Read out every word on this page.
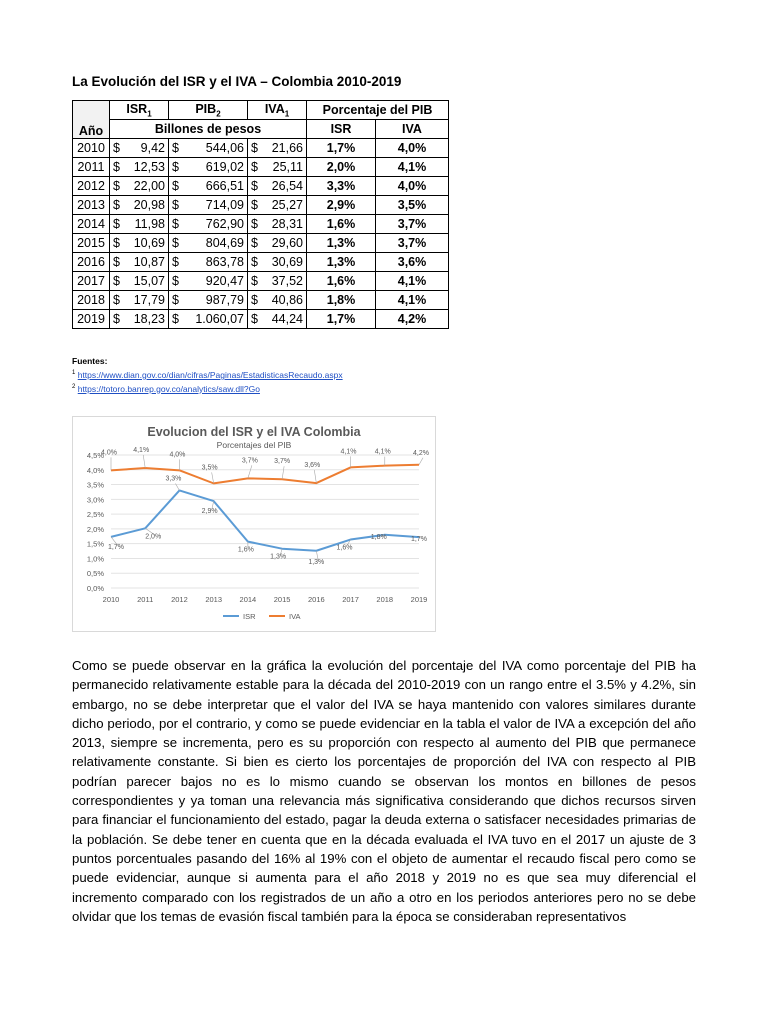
La Evolución del ISR y el IVA – Colombia 2010-2019
Año	$ISR_1$	$PIB_2$	$IVA_1$	Porcentaje del PIB	
	Billones de pesos			ISR	IVA
2010	$ 9,42	$ 544,06	$ 21,66	1,7%	4,0%
2011	$ 12,53	$ 619,02	$ 25,11	2,0%	4,1%
2012	$ 22,00	$ 666,51	$ 26,54	3,3%	4,0%
2013	$ 20,98	$ 714,09	$ 25,27	2,9%	3,5%
2014	$ 11,98	$ 762,90	$ 28,31	1,6%	3,7%
2015	$ 10,69	$ 804,69	$ 29,60	1,3%	3,7%
2016	$ 10,87	$ 863,78	$ 30,69	1,3%	3,6%
2017	$ 15,07	$ 920,47	$ 37,52	1,6%	4,1%
2018	$ 17,79	$ 987,79	$ 40,86	1,8%	4,1%
2019	$ 18,23	$ 1.060,07	$ 44,24	1,7%	4,2%
Fuentes:
$^1$ https://www.dian.gov.co/dian/cifras/Paginas/EstadisticasRecaudo.aspx
$^2$ https://totoro.banrep.gov.co/analytics/saw.dll?Go
Evolucion del ISR y el IVA Colombia
Porcentajes del PIB
0,0%
0,5%
1,0%
1,5%
2,0%
2,5%
3,0%
3,5%
4,0%
4,5%
2010 2011 2012 2013 2014 2015 2016 2017 2018 2019
1,7%
2,0%
3,3%
2,9%
1,6%
1,3%
1,3%
1,6%
1,8%	1,7%
4,0% 4,1%
4,0%
3,5%
3,7% 3,7%
3,6%
4,1%	4,1%	4,2%
ISR	IVA
Como se puede observar en la gráfica la evolución del porcentaje del IVA como porcentaje del PIB ha permanecido relativamente estable para la década del 2010-2019 con un rango entre el 3.5% y 4.2%, sin embargo, no se debe interpretar que el valor del IVA se haya mantenido con valores similares durante dicho periodo, por el contrario, y como se puede evidenciar en la tabla el valor de IVA a excepción del año 2013, siempre se incrementa, pero es su proporción con respecto al aumento del PIB que permanece relativamente constante. Si bien es cierto los porcentajes de proporción del IVA con respecto al PIB podrían parecer bajos no es lo mismo cuando se observan los montos en billones de pesos correspondientes y ya toman una relevancia más significativa considerando que dichos recursos sirven para financiar el funcionamiento del estado, pagar la deuda externa o satisfacer necesidades primarias de la población. Se debe tener en cuenta que en la década evaluada el IVA tuvo en el 2017 un ajuste de 3 puntos porcentuales pasando del 16% al 19% con el objeto de aumentar el recaudo fiscal pero como se puede evidenciar, aunque si aumenta para el año 2018 y 2019 no es que sea muy diferencial el incremento comparado con los registrados de un año a otro en los periodos anteriores pero no se debe olvidar que los temas de evasión fiscal también para la época se consideraban representativos
